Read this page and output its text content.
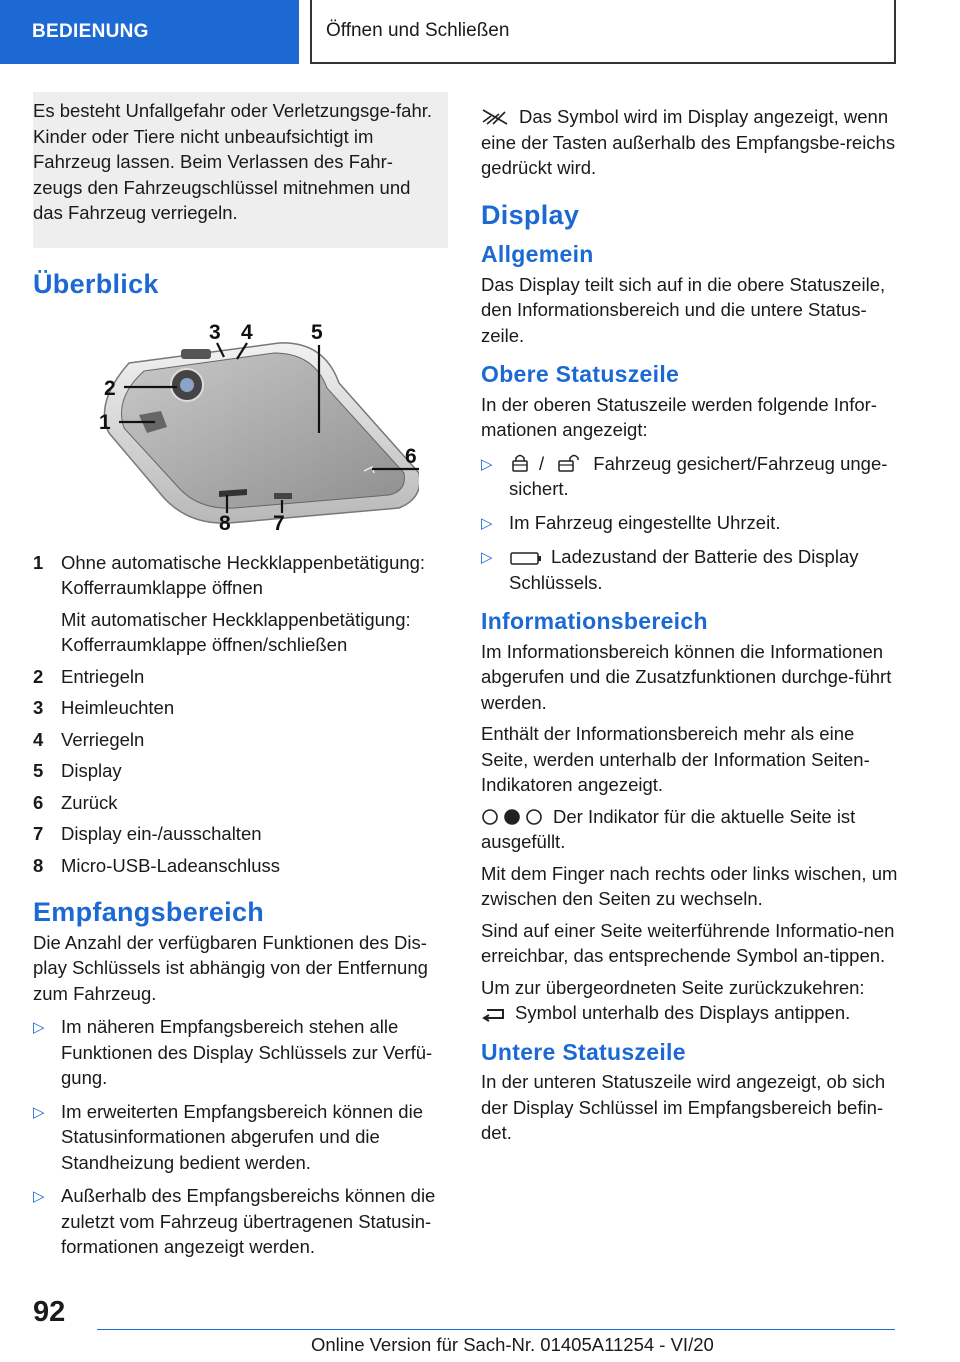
BEDIENUNG	Öffnen und Schließen

Es besteht Unfallgefahr oder Verletzungsge-fahr. Kinder oder Tiere nicht unbeaufsichtigt im Fahrzeug lassen. Beim Verlassen des Fahr-zeugs den Fahrzeugschlüssel mitnehmen und das Fahrzeug verriegeln.

Überblick
1
2
3 4	5
6
7
8
1 Ohne automatische Heckklappenbetätigung: Kofferraumklappe öffnen
Mit automatischer Heckklappenbetätigung: Kofferraumklappe öffnen/schließen
2 Entriegeln
3 Heimleuchten
4 Verriegeln
5 Display
6 Zurück
7 Display ein-/ausschalten
8 Micro-USB-Ladeanschluss
Empfangsbereich

Die Anzahl der verfügbaren Funktionen des Dis-play Schlüssels ist abhängig von der Entfernung zum Fahrzeug.

▷ Im näheren Empfangsbereich stehen alle Funktionen des Display Schlüssels zur Verfü-gung.
▷ Im erweiterten Empfangsbereich können die Statusinformationen abgerufen und die Standheizung bedient werden.
▷ Außerhalb des Empfangsbereichs können die zuletzt vom Fahrzeug übertragenen Statusin-formationen angezeigt werden.

Das Symbol wird im Display angezeigt, wenn eine der Tasten außerhalb des Empfangsbe-reichs gedrückt wird.

Display
Allgemein

Das Display teilt sich auf in die obere Statuszeile, den Informationsbereich und die untere Status-zeile.

Obere Statuszeile

In der oberen Statuszeile werden folgende Infor-mationen angezeigt:

▷	/	Fahrzeug gesichert/Fahrzeug unge-sichert.
▷ Im Fahrzeug eingestellte Uhrzeit.
▷	Ladezustand der Batterie des Display Schlüssels.
Informationsbereich

Im Informationsbereich können die Informationen abgerufen und die Zusatzfunktionen durchge-führt werden.

Enthält der Informationsbereich mehr als eine Seite, werden unterhalb der Information Seiten-Indikatoren angezeigt.

Der Indikator für die aktuelle Seite ist ausgefüllt.

Mit dem Finger nach rechts oder links wischen, um zwischen den Seiten zu wechseln.

Sind auf einer Seite weiterführende Informatio-nen erreichbar, das entsprechende Symbol an-tippen.

Um zur übergeordneten Seite zurückzukehren:

Symbol unterhalb des Displays antippen.

Untere Statuszeile

In der unteren Statuszeile wird angezeigt, ob sich der Display Schlüssel im Empfangsbereich befin-det.

92
Online Version für Sach-Nr. 01405A11254 - VI/20
